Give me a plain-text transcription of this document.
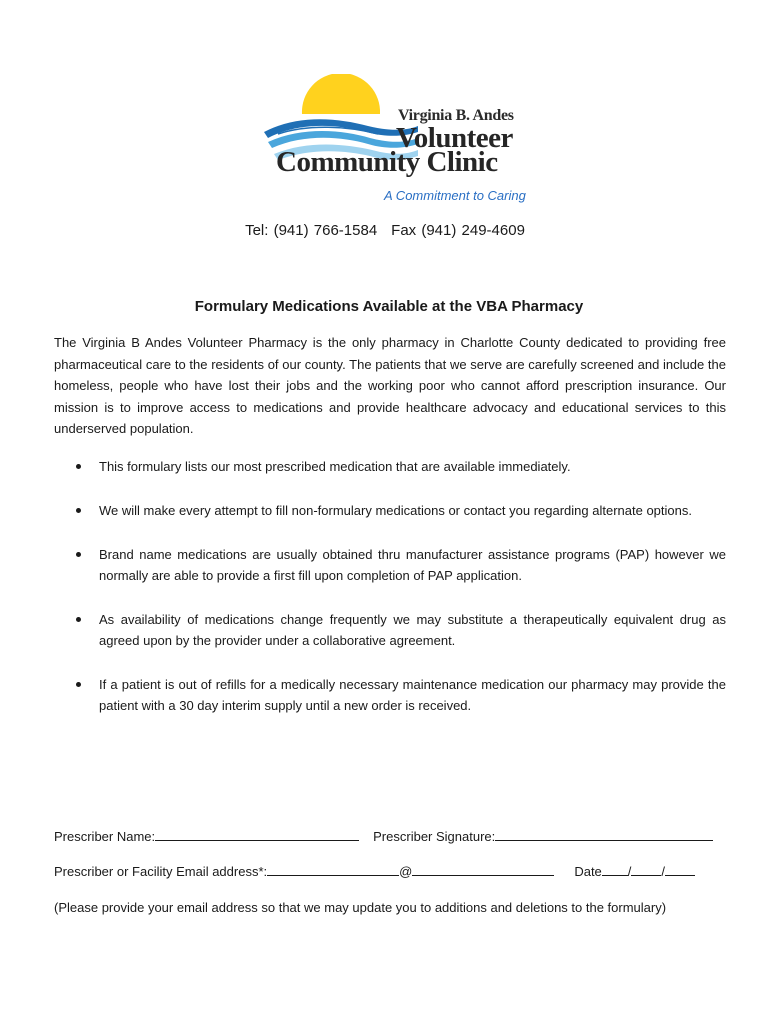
Virginia B. Andes
Volunteer
Community Clinic
A Commitment to Caring
Tel: (941) 766-1584 Fax (941) 249-4609
Formulary Medications Available at the VBA Pharmacy
The Virginia B Andes Volunteer Pharmacy is the only pharmacy in Charlotte County dedicated to providing free pharmaceutical care to the residents of our county. The patients that we serve are carefully screened and include the homeless, people who have lost their jobs and the working poor who cannot afford prescription insurance. Our mission is to improve access to medications and provide healthcare advocacy and educational services to this underserved population.
This formulary lists our most prescribed medication that are available immediately.
We will make every attempt to fill non-formulary medications or contact you regarding alternate options.
Brand name medications are usually obtained thru manufacturer assistance programs (PAP) however we normally are able to provide a first fill upon completion of PAP application.
As availability of medications change frequently we may substitute a therapeutically equivalent drug as agreed upon by the provider under a collaborative agreement.
If a patient is out of refills for a medically necessary maintenance medication our pharmacy may provide the patient with a 30 day interim supply until a new order is received.
Prescriber Name:	Prescriber Signature:
Prescriber or Facility Email address*:	@	Date / /
(Please provide your email address so that we may update you to additions and deletions to the formulary)
